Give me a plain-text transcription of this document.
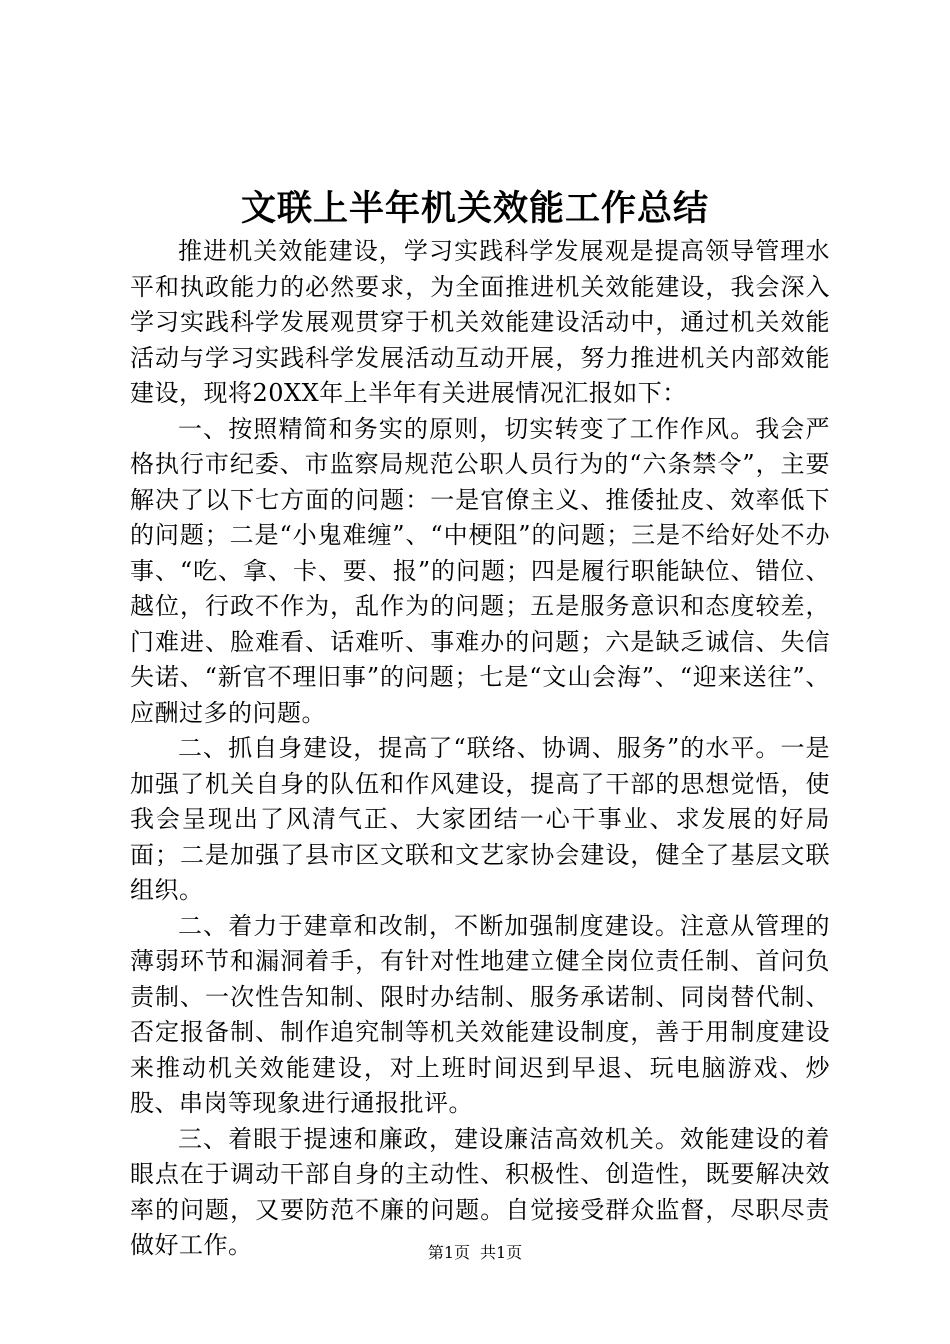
文联上半年机关效能工作总结

推进机关效能建设，学习实践科学发展观是提高领导管理水平和执政能力的必然要求，为全面推进机关效能建设，我会深入学习实践科学发展观贯穿于机关效能建设活动中，通过机关效能活动与学习实践科学发展活动互动开展，努力推进机关内部效能建设，现将20XX年上半年有关进展情况汇报如下：

一、按照精简和务实的原则，切实转变了工作作风。我会严格执行市纪委、市监察局规范公职人员行为的“六条禁令”，主要解决了以下七方面的问题：一是官僚主义、推倭扯皮、效率低下的问题；二是“小鬼难缠”、“中梗阻”的问题；三是不给好处不办事、“吃、拿、卡、要、报”的问题；四是履行职能缺位、错位、越位，行政不作为，乱作为的问题；五是服务意识和态度较差，门难进、脸难看、话难听、事难办的问题；六是缺乏诚信、失信失诺、“新官不理旧事”的问题；七是“文山会海”、“迎来送往”、应酬过多的问题。

二、抓自身建设，提高了“联络、协调、服务”的水平。一是加强了机关自身的队伍和作风建设，提高了干部的思想觉悟，使我会呈现出了风清气正、大家团结一心干事业、求发展的好局面；二是加强了县市区文联和文艺家协会建设，健全了基层文联组织。

二、着力于建章和改制，不断加强制度建设。注意从管理的薄弱环节和漏洞着手，有针对性地建立健全岗位责任制、首问负责制、一次性告知制、限时办结制、服务承诺制、同岗替代制、否定报备制、制作追究制等机关效能建设制度，善于用制度建设来推动机关效能建设，对上班时间迟到早退、玩电脑游戏、炒股、串岗等现象进行通报批评。

三、着眼于提速和廉政，建设廉洁高效机关。效能建设的着眼点在于调动干部自身的主动性、积极性、创造性，既要解决效率的问题，又要防范不廉的问题。自觉接受群众监督，尽职尽责做好工作。	第1页 共1页
